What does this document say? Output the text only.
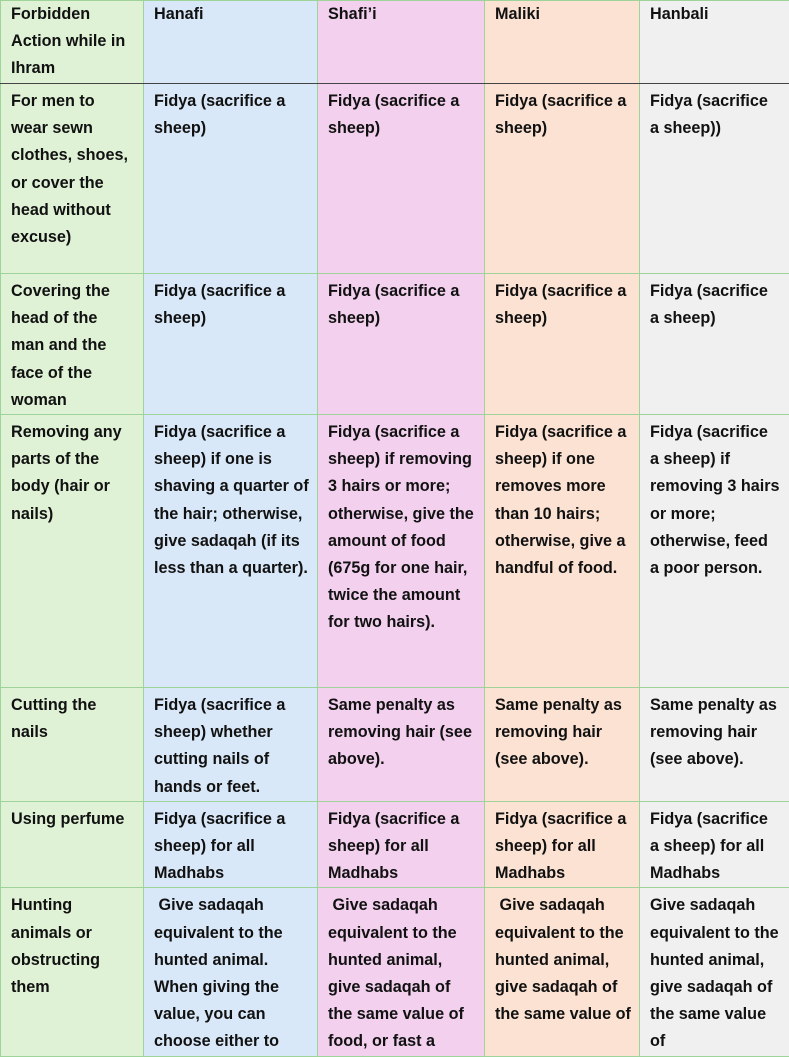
Forbidden Action while in Ihram	Hanafi	Shafi’i	Maliki	Hanbali
For men to wear sewn clothes, shoes, or cover the head without excuse)	Fidya (sacrifice a sheep)	Fidya (sacrifice a sheep)	Fidya (sacrifice a sheep)	Fidya (sacrifice a sheep))
Covering the head of the man and the face of the woman	Fidya (sacrifice a sheep)	Fidya (sacrifice a sheep)	Fidya (sacrifice a sheep)	Fidya (sacrifice a sheep)
Removing any parts of the body (hair or nails)	Fidya (sacrifice a sheep) if one is shaving a quarter of the hair; otherwise, give sadaqah (if its less than a quarter).	Fidya (sacrifice a sheep) if removing 3 hairs or more; otherwise, give the amount of food (675g for one hair, twice the amount for two hairs).	Fidya (sacrifice a sheep) if one removes more than 10 hairs; otherwise, give a handful of food.	Fidya (sacrifice a sheep) if removing 3 hairs or more; otherwise, feed a poor person.
Cutting the nails	Fidya (sacrifice a sheep) whether cutting nails of hands or feet.	Same penalty as removing hair (see above).	Same penalty as removing hair (see above).	Same penalty as removing hair (see above).
Using perfume	Fidya (sacrifice a sheep) for all Madhabs	Fidya (sacrifice a sheep) for all Madhabs	Fidya (sacrifice a sheep) for all Madhabs	Fidya (sacrifice a sheep) for all Madhabs
Hunting animals or obstructing them	Give sadaqah equivalent to the hunted animal. When giving the value, you can choose either to	Give sadaqah equivalent to the hunted animal, give sadaqah of the same value of food, or fast a	Give sadaqah equivalent to the hunted animal, give sadaqah of the same value of	Give sadaqah equivalent to the hunted animal, give sadaqah of the same value of
